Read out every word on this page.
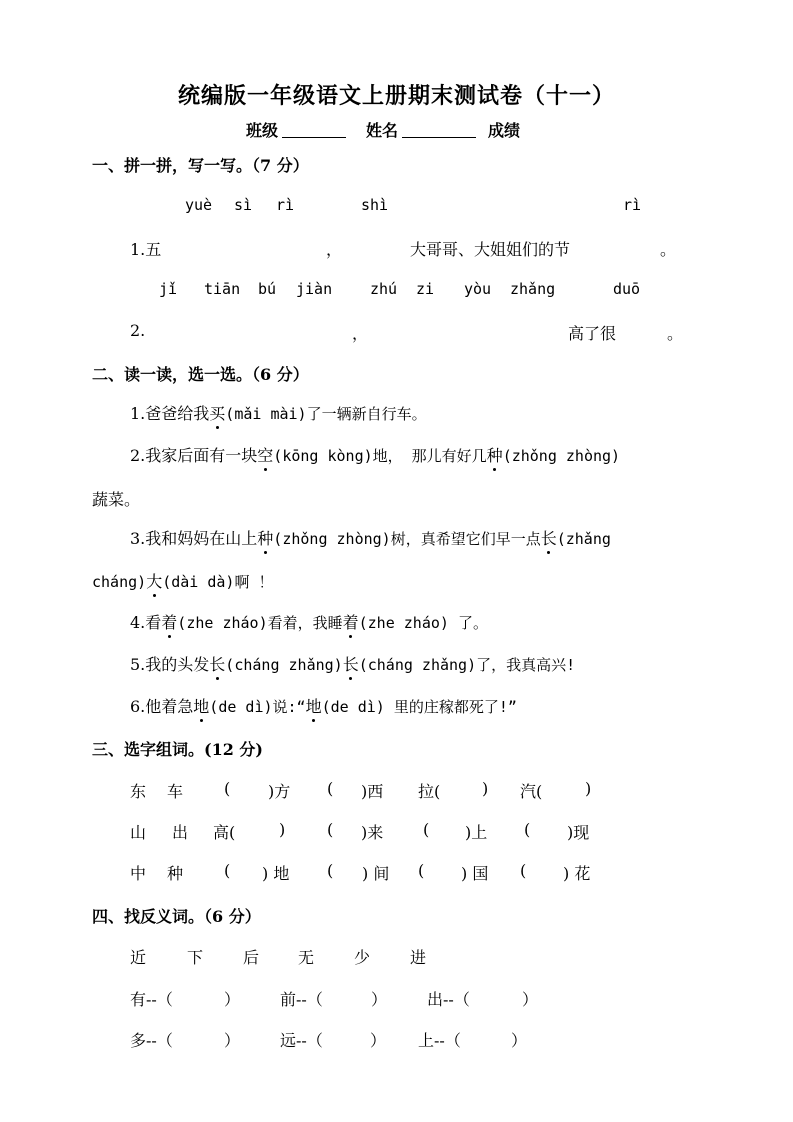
统编版一年级语文上册期末测试卷（十一）
班级	姓名	成绩
一、拼一拼，写一写。（7 分）
yuè sì rì	shì	rì
1.五	，	大哥哥、大姐姐们的节	。
jǐ tiān bú jiàn	zhú zi yòu zhǎng	duō
2.	，	高了很	。
二、读一读，选一选。（6 分）
1.爸爸给我买(mǎi mài)了一辆新自行车。
2.我家后面有一块空(kōng kòng)地， 那儿有好几种(zhǒng zhòng)
蔬菜。
3.我和妈妈在山上种(zhǒng zhòng)树，真希望它们早一点长(zhǎng
cháng)大(dài dà)啊 ！
4.看着(zhe zháo)看着，我睡着(zhe zháo) 了。
5.我的头发长(cháng zhǎng)长(cháng zhǎng)了，我真高兴!
6.他着急地(de dì)说:“地(de dì) 里的庄稼都死了!”
三、选字组词。(12 分)
东 车	( )方 ( )西 拉(	) 汽(	)
山 出 高(	)	( )来 ( )上 ( )现
中 种	( ) 地 ( ) 间 ( ) 国 ( ) 花
四、找反义词。（6 分）
近	下 后 无 少 进
有--（	） 前--（	） 出--（	）
多--（	） 远--（	） 上--（	）
